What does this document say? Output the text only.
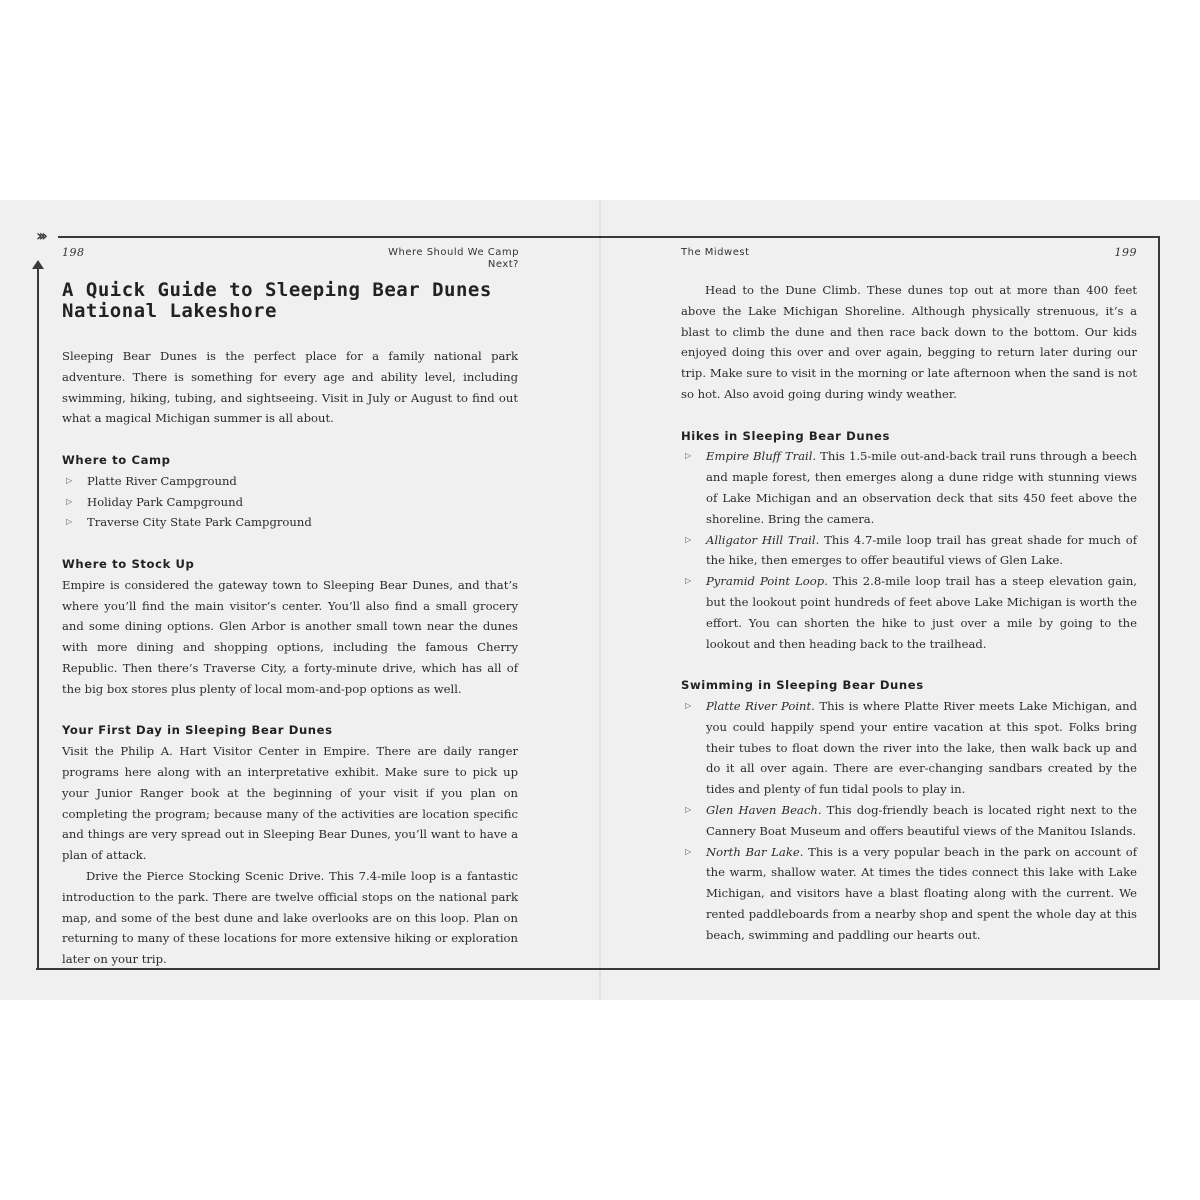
›››
198	Where Should We Camp Next?
The Midwest	199
A Quick Guide to Sleeping Bear Dunes
National Lakeshore

Sleeping Bear Dunes is the perfect place for a family national park adventure. There is something for every age and ability level, including swimming, hiking, tubing, and sightseeing. Visit in July or August to find out what a magical Michigan summer is all about.

Where to Camp
▷ Platte River Campground
▷ Holiday Park Campground
▷ Traverse City State Park Campground
Where to Stock Up

Empire is considered the gateway town to Sleeping Bear Dunes, and that’s where you’ll find the main visitor’s center. You’ll also find a small grocery and some dining options. Glen Arbor is another small town near the dunes with more dining and shopping options, including the famous Cherry Republic. Then there’s Traverse City, a forty-minute drive, which has all of the big box stores plus plenty of local mom-and-pop options as well.

Your First Day in Sleeping Bear Dunes

Visit the Philip A. Hart Visitor Center in Empire. There are daily ranger programs here along with an interpretative exhibit. Make sure to pick up your Junior Ranger book at the beginning of your visit if you plan on completing the program; because many of the activities are location specific and things are very spread out in Sleeping Bear Dunes, you’ll want to have a plan of attack.

Drive the Pierce Stocking Scenic Drive. This 7.4-mile loop is a fantastic introduction to the park. There are twelve official stops on the national park map, and some of the best dune and lake overlooks are on this loop. Plan on returning to many of these locations for more extensive hiking or exploration later on your trip.

Head to the Dune Climb. These dunes top out at more than 400 feet above the Lake Michigan Shoreline. Although physically strenuous, it’s a blast to climb the dune and then race back down to the bottom. Our kids enjoyed doing this over and over again, begging to return later during our trip. Make sure to visit in the morning or late afternoon when the sand is not so hot. Also avoid going during windy weather.

Hikes in Sleeping Bear Dunes
▷ Empire Bluff Trail. This 1.5-mile out-and-back trail runs through a beech and maple forest, then emerges along a dune ridge with stunning views of Lake Michigan and an observation deck that sits 450 feet above the shoreline. Bring the camera.
▷ Alligator Hill Trail. This 4.7-mile loop trail has great shade for much of the hike, then emerges to offer beautiful views of Glen Lake.
▷ Pyramid Point Loop. This 2.8-mile loop trail has a steep elevation gain, but the lookout point hundreds of feet above Lake Michigan is worth the effort. You can shorten the hike to just over a mile by going to the lookout and then heading back to the trailhead.
Swimming in Sleeping Bear Dunes
▷ Platte River Point. This is where Platte River meets Lake Michigan, and you could happily spend your entire vacation at this spot. Folks bring their tubes to float down the river into the lake, then walk back up and do it all over again. There are ever-changing sandbars created by the tides and plenty of fun tidal pools to play in.
▷ Glen Haven Beach. This dog-friendly beach is located right next to the Cannery Boat Museum and offers beautiful views of the Manitou Islands.
▷ North Bar Lake. This is a very popular beach in the park on account of the warm, shallow water. At times the tides connect this lake with Lake Michigan, and visitors have a blast floating along with the current. We rented paddleboards from a nearby shop and spent the whole day at this beach, swimming and paddling our hearts out.
